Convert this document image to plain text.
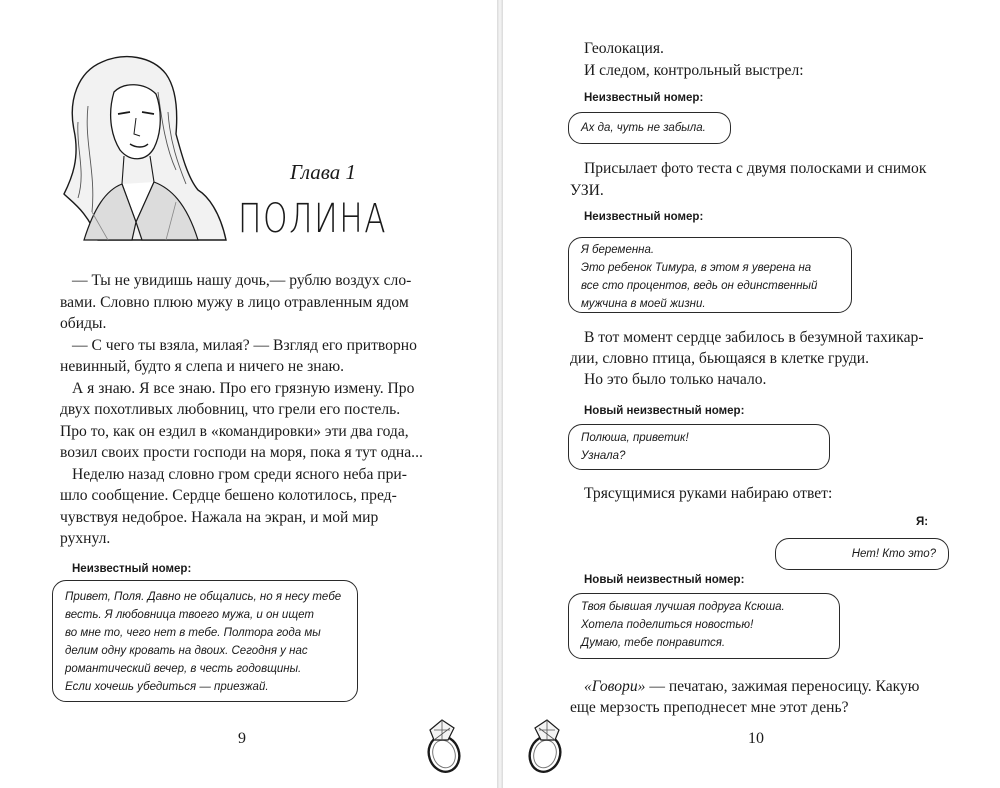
Глава 1
ПОЛИНА
— Ты не увидишь нашу дочь,— рублю воздух сло-
вами. Словно плюю мужу в лицо отравленным ядом
обиды.
— С чего ты взяла, милая? — Взгляд его притворно
невинный, будто я слепа и ничего не знаю.
А я знаю. Я все знаю. Про его грязную измену. Про
двух похотливых любовниц, что грели его постель.
Про то, как он ездил в «командировки» эти два года,
возил своих прости господи на моря, пока я тут одна...
Неделю назад словно гром среди ясного неба при-
шло сообщение. Сердце бешено колотилось, пред-
чувствуя недоброе. Нажала на экран, и мой мир
рухнул.
Неизвестный номер:
Привет, Поля. Давно не общались, но я несу тебе
весть. Я любовница твоего мужа, и он ищет
во мне то, чего нет в тебе. Полтора года мы
делим одну кровать на двоих. Сегодня у нас
романтический вечер, в честь годовщины.
Если хочешь убедиться — приезжай.
9
Геолокация.
И следом, контрольный выстрел:
Неизвестный номер:
Ах да, чуть не забыла.
Присылает фото теста с двумя полосками и снимок
УЗИ.
Неизвестный номер:
Я беременна.
Это ребенок Тимура, в этом я уверена на
все сто процентов, ведь он единственный
мужчина в моей жизни.
В тот момент сердце забилось в безумной тахикар-
дии, словно птица, бьющаяся в клетке груди.
Но это было только начало.
Новый неизвестный номер:
Полюша, приветик!
Узнала?
Трясущимися руками набираю ответ:
Я:
Нет! Кто это?
Новый неизвестный номер:
Твоя бывшая лучшая подруга Ксюша.
Хотела поделиться новостью!
Думаю, тебе понравится.
«Говори» — печатаю, зажимая переносицу. Какую
еще мерзость преподнесет мне этот день?
10
